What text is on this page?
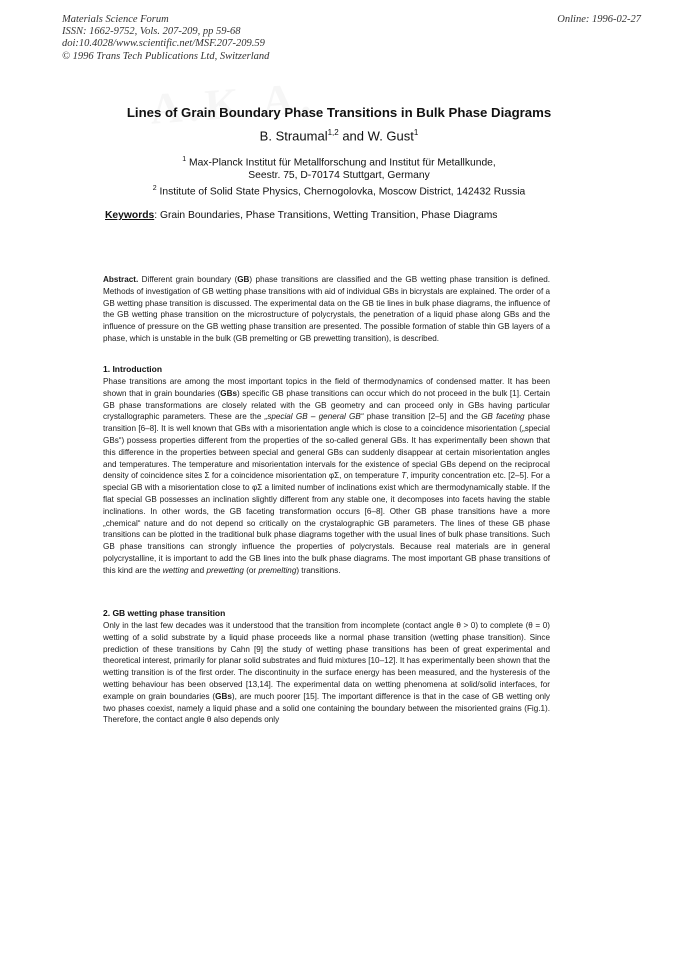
Materials Science Forum
ISSN: 1662-9752, Vols. 207-209, pp 59-68
doi:10.4028/www.scientific.net/MSF.207-209.59
© 1996 Trans Tech Publications Ltd, Switzerland
Online: 1996-02-27
Lines of Grain Boundary Phase Transitions in Bulk Phase Diagrams
B. Straumal$^{1,2}$ and W. Gust$^1$
$^1$ Max-Planck Institut für Metallforschung and Institut für Metallkunde,
Seestr. 75, D-70174 Stuttgart, Germany
$^2$ Institute of Solid State Physics, Chernogolovka, Moscow District, 142432 Russia
Keywords: Grain Boundaries, Phase Transitions, Wetting Transition, Phase Diagrams

Abstract. Different grain boundary (GB) phase transitions are classified and the GB wetting phase transition is defined. Methods of investigation of GB wetting phase transitions with aid of individual GBs in bicrystals are explained. The order of a GB wetting phase transition is discussed. The experimental data on the GB tie lines in bulk phase diagrams, the influence of the GB wetting phase transition on the microstructure of polycrystals, the penetration of a liquid phase along GBs and the influence of pressure on the GB wetting phase transition are presented. The possible formation of stable thin GB layers of a phase, which is unstable in the bulk (GB premelting or GB prewetting transition), is described.

1. Introduction

Phase transitions are among the most important topics in the field of thermodynamics of condensed matter. It has been shown that in grain boundaries (GBs) specific GB phase transitions can occur which do not proceed in the bulk [1]. Certain GB phase transformations are closely related with the GB geometry and can proceed only in GBs having particular crystallographic parameters. These are the „special GB – general GB“ phase transition [2–5] and the GB faceting phase transition [6–8]. It is well known that GBs with a misorientation angle which is close to a coincidence misorientation („special GBs“) possess properties different from the properties of the so-called general GBs. It has experimentally been shown that this difference in the properties between special and general GBs can suddenly disappear at certain misorientation angles and temperatures. The temperature and misorientation intervals for the existence of special GBs depend on the reciprocal density of coincidence sites Σ for a coincidence misorientation φΣ, on temperature T, impurity concentration etc. [2–5]. For a special GB with a misorientation close to φΣ a limited number of inclinations exist which are thermodynamically stable. If the flat special GB possesses an inclination slightly different from any stable one, it decomposes into facets having the stable inclinations. In other words, the GB faceting transformation occurs [6–8]. Other GB phase transitions have a more „chemical“ nature and do not depend so critically on the crystalographic GB parameters. The lines of these GB phase transitions can be plotted in the traditional bulk phase diagrams together with the usual lines of bulk phase transitions. Such GB phase transitions can strongly influence the properties of polycrystals. Because real materials are in general polycrystalline, it is important to add the GB lines into the bulk phase diagrams. The most important GB phase transitions of this kind are the wetting and prewetting (or premelting) transitions.

2. GB wetting phase transition

Only in the last few decades was it understood that the transition from incomplete (contact angle θ > 0) to complete (θ = 0) wetting of a solid substrate by a liquid phase proceeds like a normal phase transition (wetting phase transition). Since prediction of these transitions by Cahn [9] the study of wetting phase transitions has been of great experimental and theoretical interest, primarily for planar solid substrates and fluid mixtures [10–12]. It has experimentally been shown that the wetting transition is of the first order. The discontinuity in the surface energy has been measured, and the hysteresis of the wetting behaviour has been observed [13,14]. The experimental data on wetting phenomena at solid/solid interfaces, for example on grain boundaries (GBs), are much poorer [15]. The important difference is that in the case of GB wetting only two phases coexist, namely a liquid phase and a solid one containing the boundary between the misoriented grains (Fig.1). Therefore, the contact angle θ also depends only
